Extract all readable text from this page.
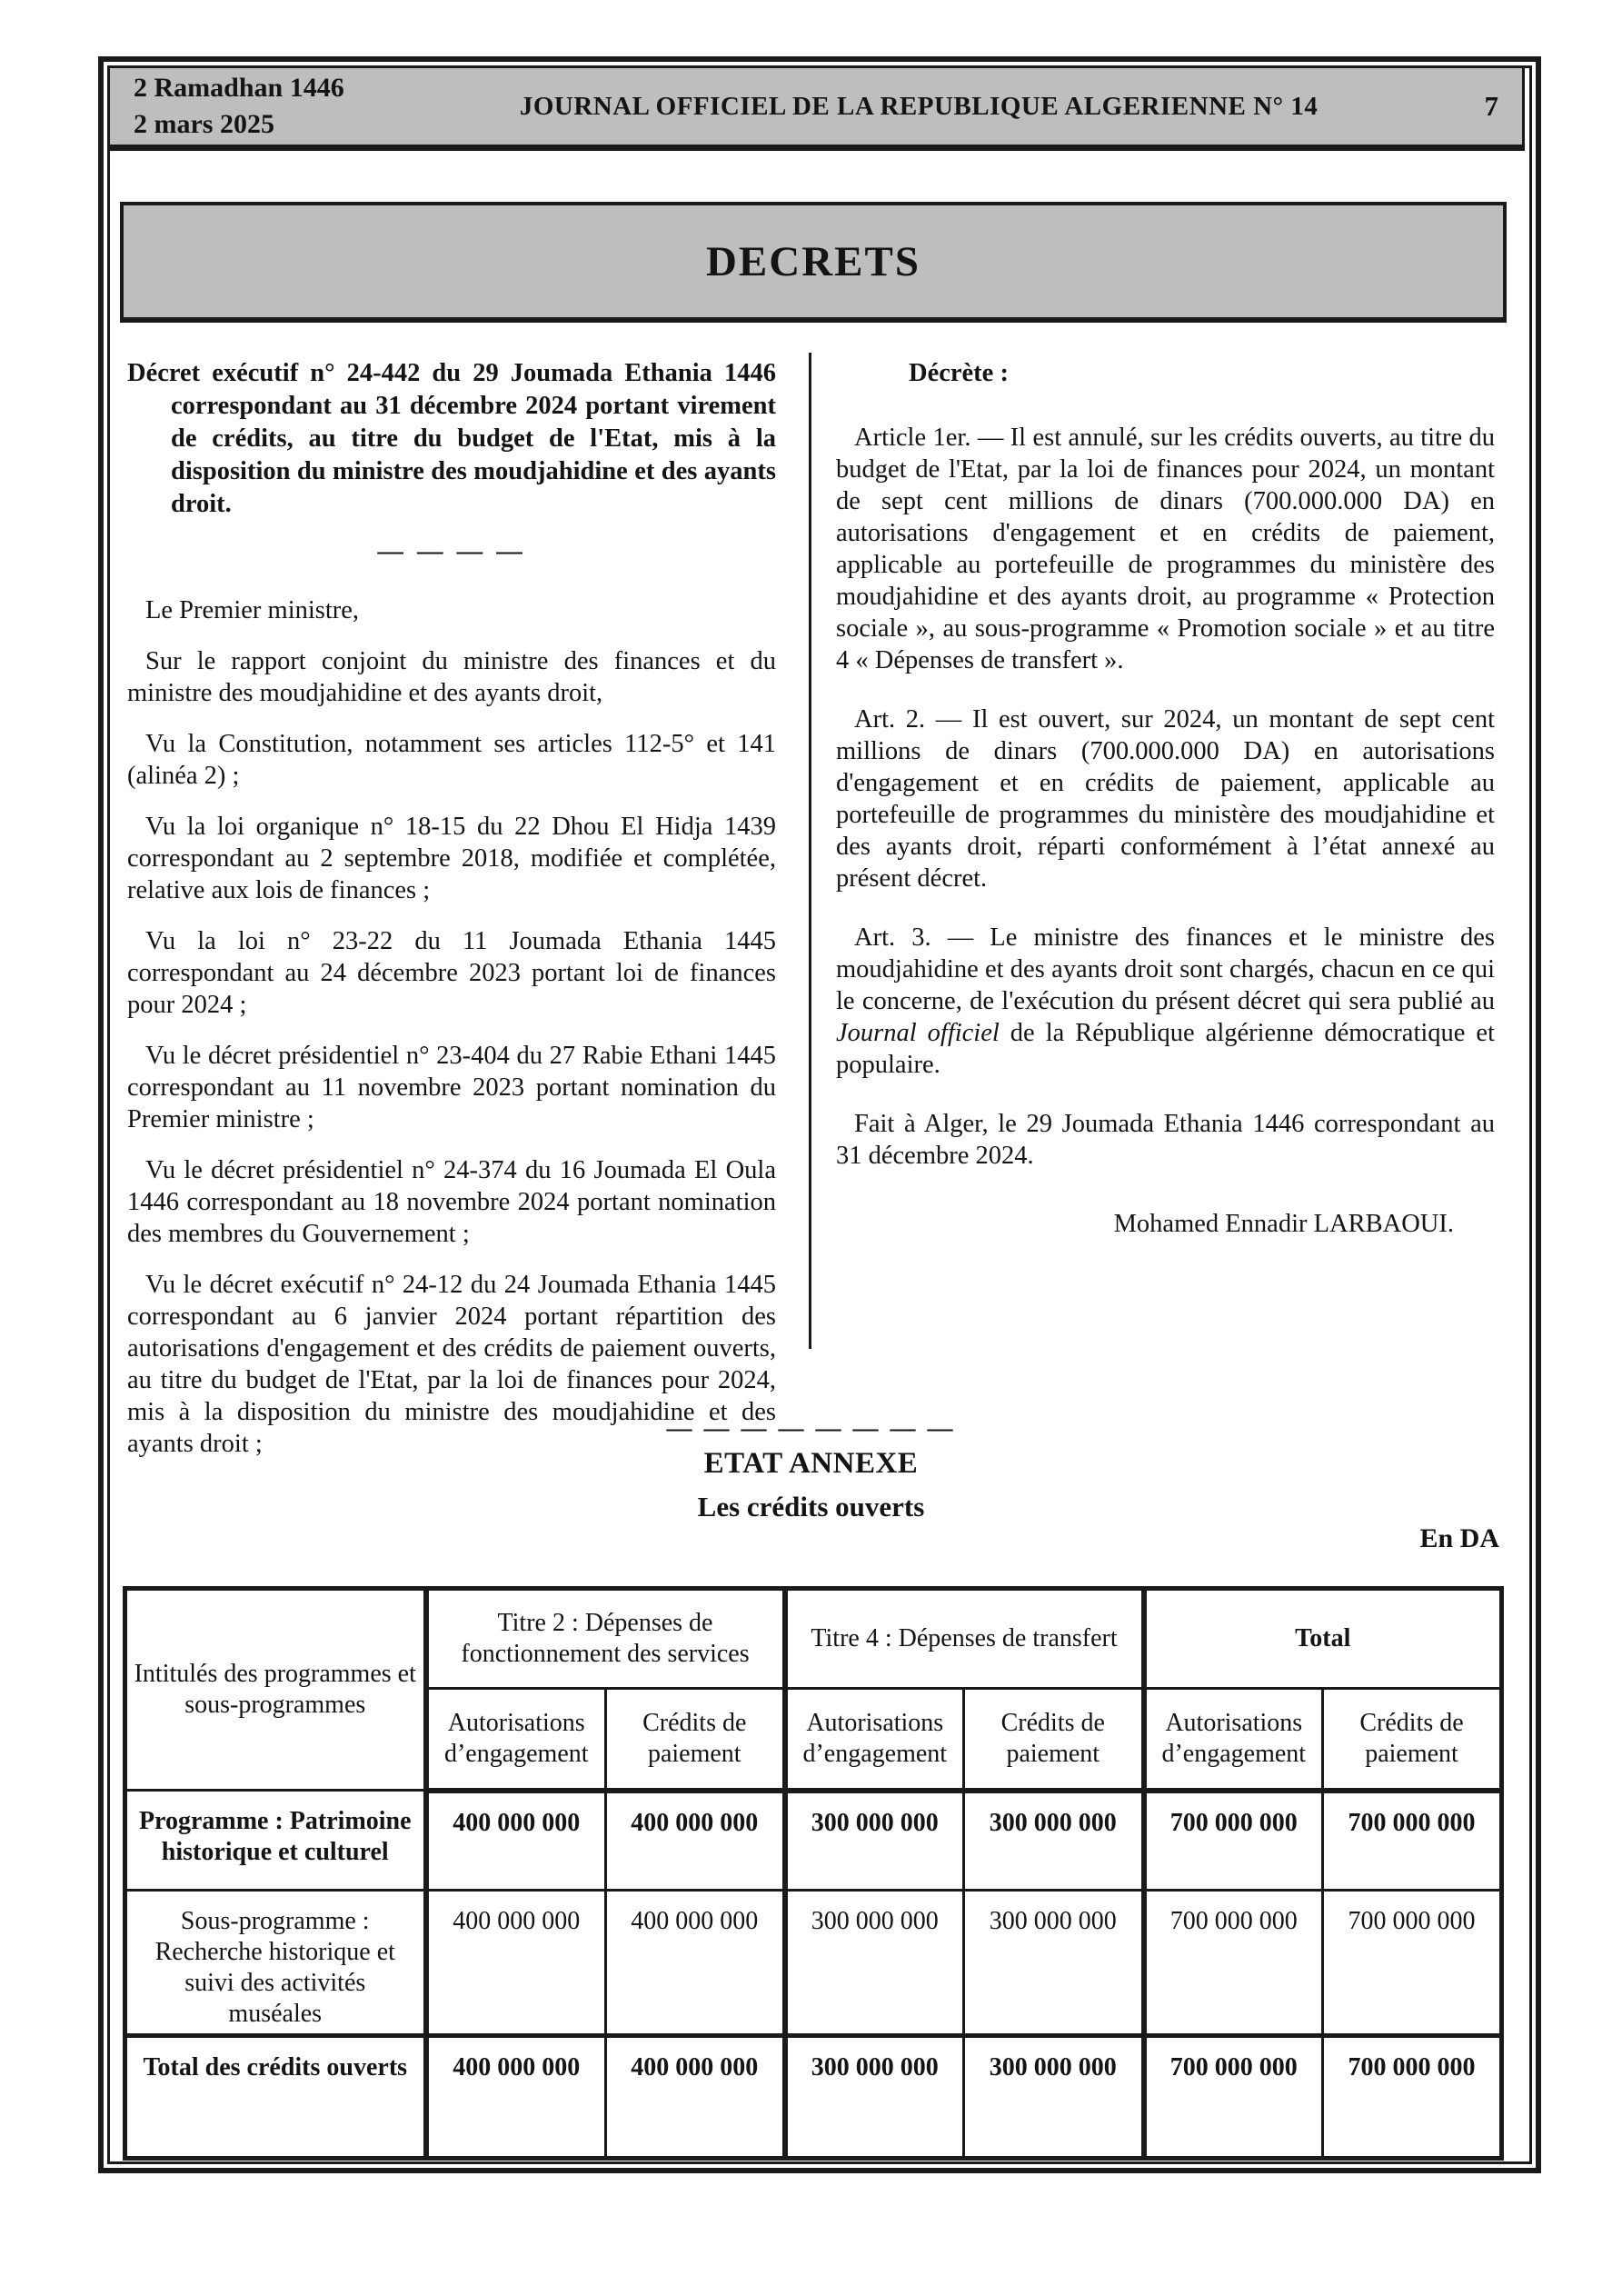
2 Ramadhan 1446
2 mars 2025
JOURNAL OFFICIEL DE LA REPUBLIQUE ALGERIENNE N° 14	7
DECRETS

Décret exécutif n° 24-442 du 29 Joumada Ethania 1446 correspondant au 31 décembre 2024 portant virement de crédits, au titre du budget de l'Etat, mis à la disposition du ministre des moudjahidine et des ayants droit.

— — — —

Le Premier ministre,

Sur le rapport conjoint du ministre des finances et du ministre des moudjahidine et des ayants droit,

Vu la Constitution, notamment ses articles 112-5° et 141 (alinéa 2) ;

Vu la loi organique n° 18-15 du 22 Dhou El Hidja 1439 correspondant au 2 septembre 2018, modifiée et complétée, relative aux lois de finances ;

Vu la loi n° 23-22 du 11 Joumada Ethania 1445 correspondant au 24 décembre 2023 portant loi de finances pour 2024 ;

Vu le décret présidentiel n° 23-404 du 27 Rabie Ethani 1445 correspondant au 11 novembre 2023 portant nomination du Premier ministre ;

Vu le décret présidentiel n° 24-374 du 16 Joumada El Oula 1446 correspondant au 18 novembre 2024 portant nomination des membres du Gouvernement ;

Vu le décret exécutif n° 24-12 du 24 Joumada Ethania 1445 correspondant au 6 janvier 2024 portant répartition des autorisations d'engagement et des crédits de paiement ouverts, au titre du budget de l'Etat, par la loi de finances pour 2024, mis à la disposition du ministre des moudjahidine et des ayants droit ;

Décrète :

Article 1er. — Il est annulé, sur les crédits ouverts, au titre du budget de l'Etat, par la loi de finances pour 2024, un montant de sept cent millions de dinars (700.000.000 DA) en autorisations d'engagement et en crédits de paiement, applicable au portefeuille de programmes du ministère des moudjahidine et des ayants droit, au programme « Protection sociale », au sous-programme « Promotion sociale » et au titre 4 « Dépenses de transfert ».

Art. 2. — Il est ouvert, sur 2024, un montant de sept cent millions de dinars (700.000.000 DA) en autorisations d'engagement et en crédits de paiement, applicable au portefeuille de programmes du ministère des moudjahidine et des ayants droit, réparti conformément à l’état annexé au présent décret.

Art. 3. — Le ministre des finances et le ministre des moudjahidine et des ayants droit sont chargés, chacun en ce qui le concerne, de l'exécution du présent décret qui sera publié au Journal officiel de la République algérienne démocratique et populaire.

Fait à Alger, le 29 Joumada Ethania 1446 correspondant au 31 décembre 2024.

Mohamed Ennadir LARBAOUI.

— — — — — — — —
ETAT ANNEXE
Les crédits ouverts
En DA
Intitulés des programmes et sous-programmes	Titre 2 : Dépenses de fonctionnement des services		Titre 4 : Dépenses de transfert		Total	
	Autorisations d’engagement	Crédits de paiement	Autorisations d’engagement	Crédits de paiement	Autorisations d’engagement	Crédits de paiement
Programme : Patrimoine historique et culturel	400 000 000	400 000 000	300 000 000	300 000 000	700 000 000	700 000 000
Sous-programme : Recherche historique et suivi des activités muséales	400 000 000	400 000 000	300 000 000	300 000 000	700 000 000	700 000 000
Total des crédits ouverts	400 000 000	400 000 000	300 000 000	300 000 000	700 000 000	700 000 000
